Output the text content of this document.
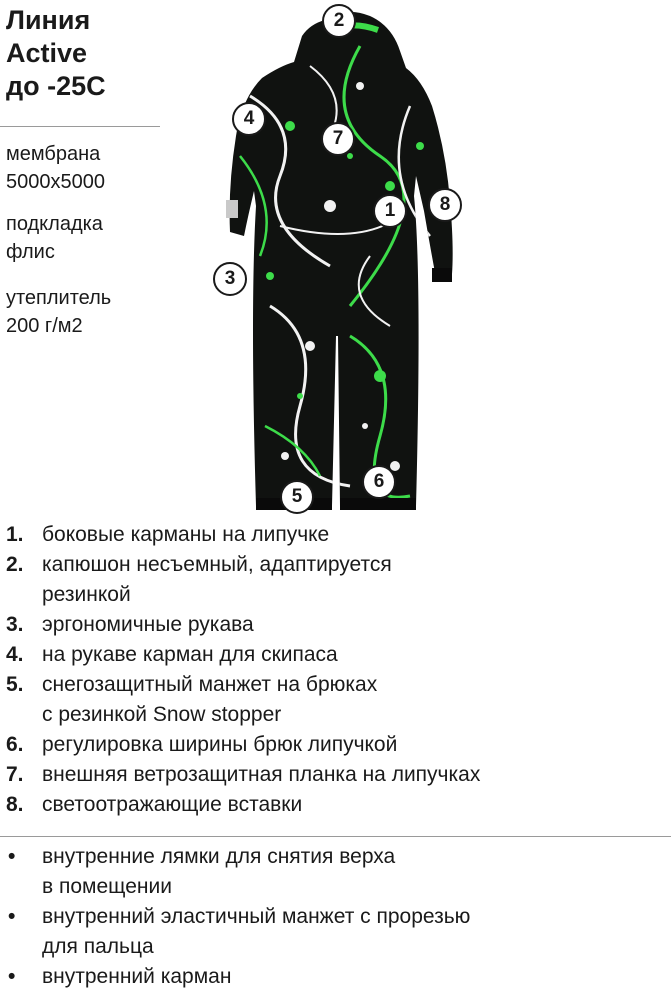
Линия
Active
до -25С
мембрана
5000x5000
подкладка
флис
утеплитель
200 г/м2
1
2
3
4
5
6
7
8
1. боковые карманы на липучке
2. капюшон несъемный, адаптируется
резинкой
3. эргономичные рукава
4. на рукаве карман для скипаса
5. снегозащитный манжет на брюках
с резинкой Snow stopper
6. регулировка ширины брюк липучкой
7. внешняя ветрозащитная планка на липучках
8. светоотражающие вставки
•	внутренние лямки для снятия верха
в помещении
•	внутренний эластичный манжет с прорезью
для пальца
•	внутренний карман
